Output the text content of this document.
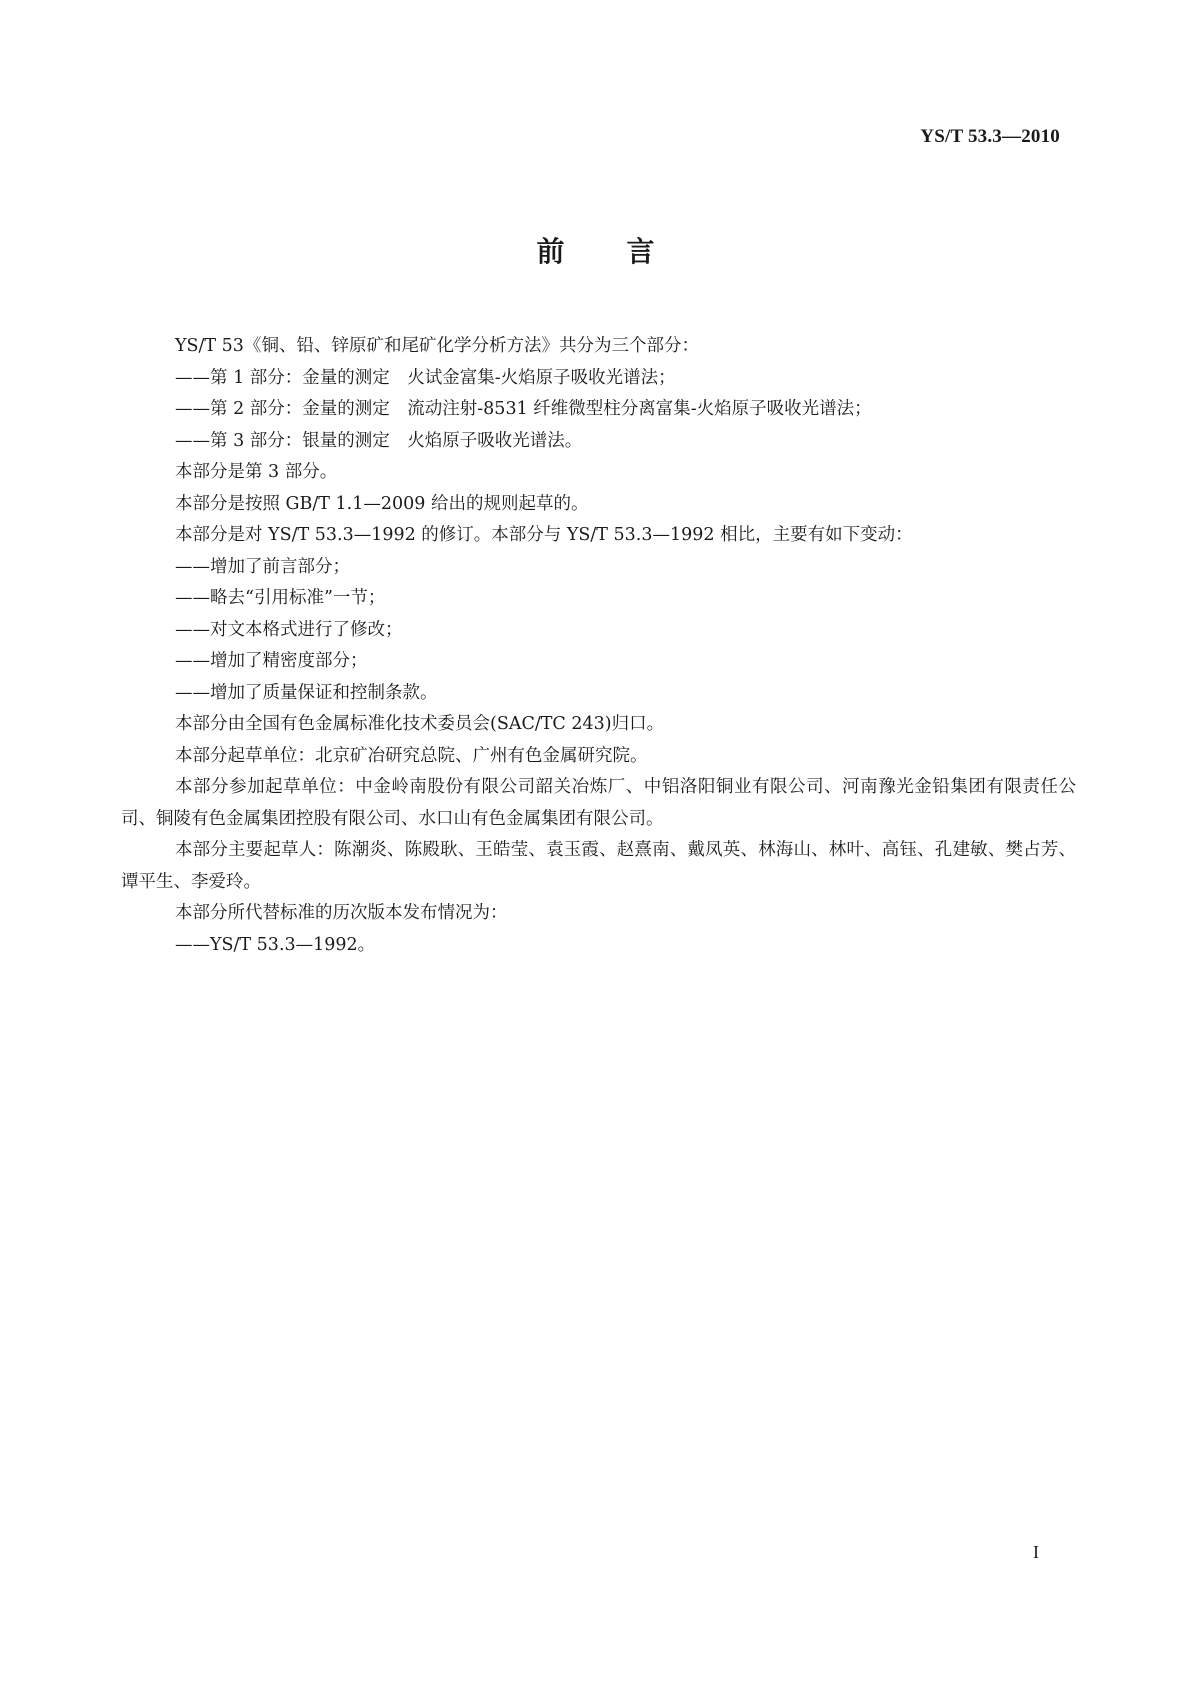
YS/T 53.3—2010
前 言

YS/T 53《铜、铅、锌原矿和尾矿化学分析方法》共分为三个部分：

——第 1 部分：金量的测定　火试金富集-火焰原子吸收光谱法；

——第 2 部分：金量的测定　流动注射-8531 纤维微型柱分离富集-火焰原子吸收光谱法；

——第 3 部分：银量的测定　火焰原子吸收光谱法。

本部分是第 3 部分。

本部分是按照 GB/T 1.1—2009 给出的规则起草的。

本部分是对 YS/T 53.3—1992 的修订。本部分与 YS/T 53.3—1992 相比，主要有如下变动：

——增加了前言部分；

——略去“引用标准”一节；

——对文本格式进行了修改；

——增加了精密度部分；

——增加了质量保证和控制条款。

本部分由全国有色金属标准化技术委员会(SAC/TC 243)归口。

本部分起草单位：北京矿冶研究总院、广州有色金属研究院。

本部分参加起草单位：中金岭南股份有限公司韶关冶炼厂、中铝洛阳铜业有限公司、河南豫光金铅集团有限责任公司、铜陵有色金属集团控股有限公司、水口山有色金属集团有限公司。

本部分主要起草人：陈潮炎、陈殿耿、王皓莹、袁玉霞、赵熹南、戴凤英、林海山、林叶、高钰、孔建敏、樊占芳、谭平生、李爱玲。

本部分所代替标准的历次版本发布情况为：

——YS/T 53.3—1992。

I
